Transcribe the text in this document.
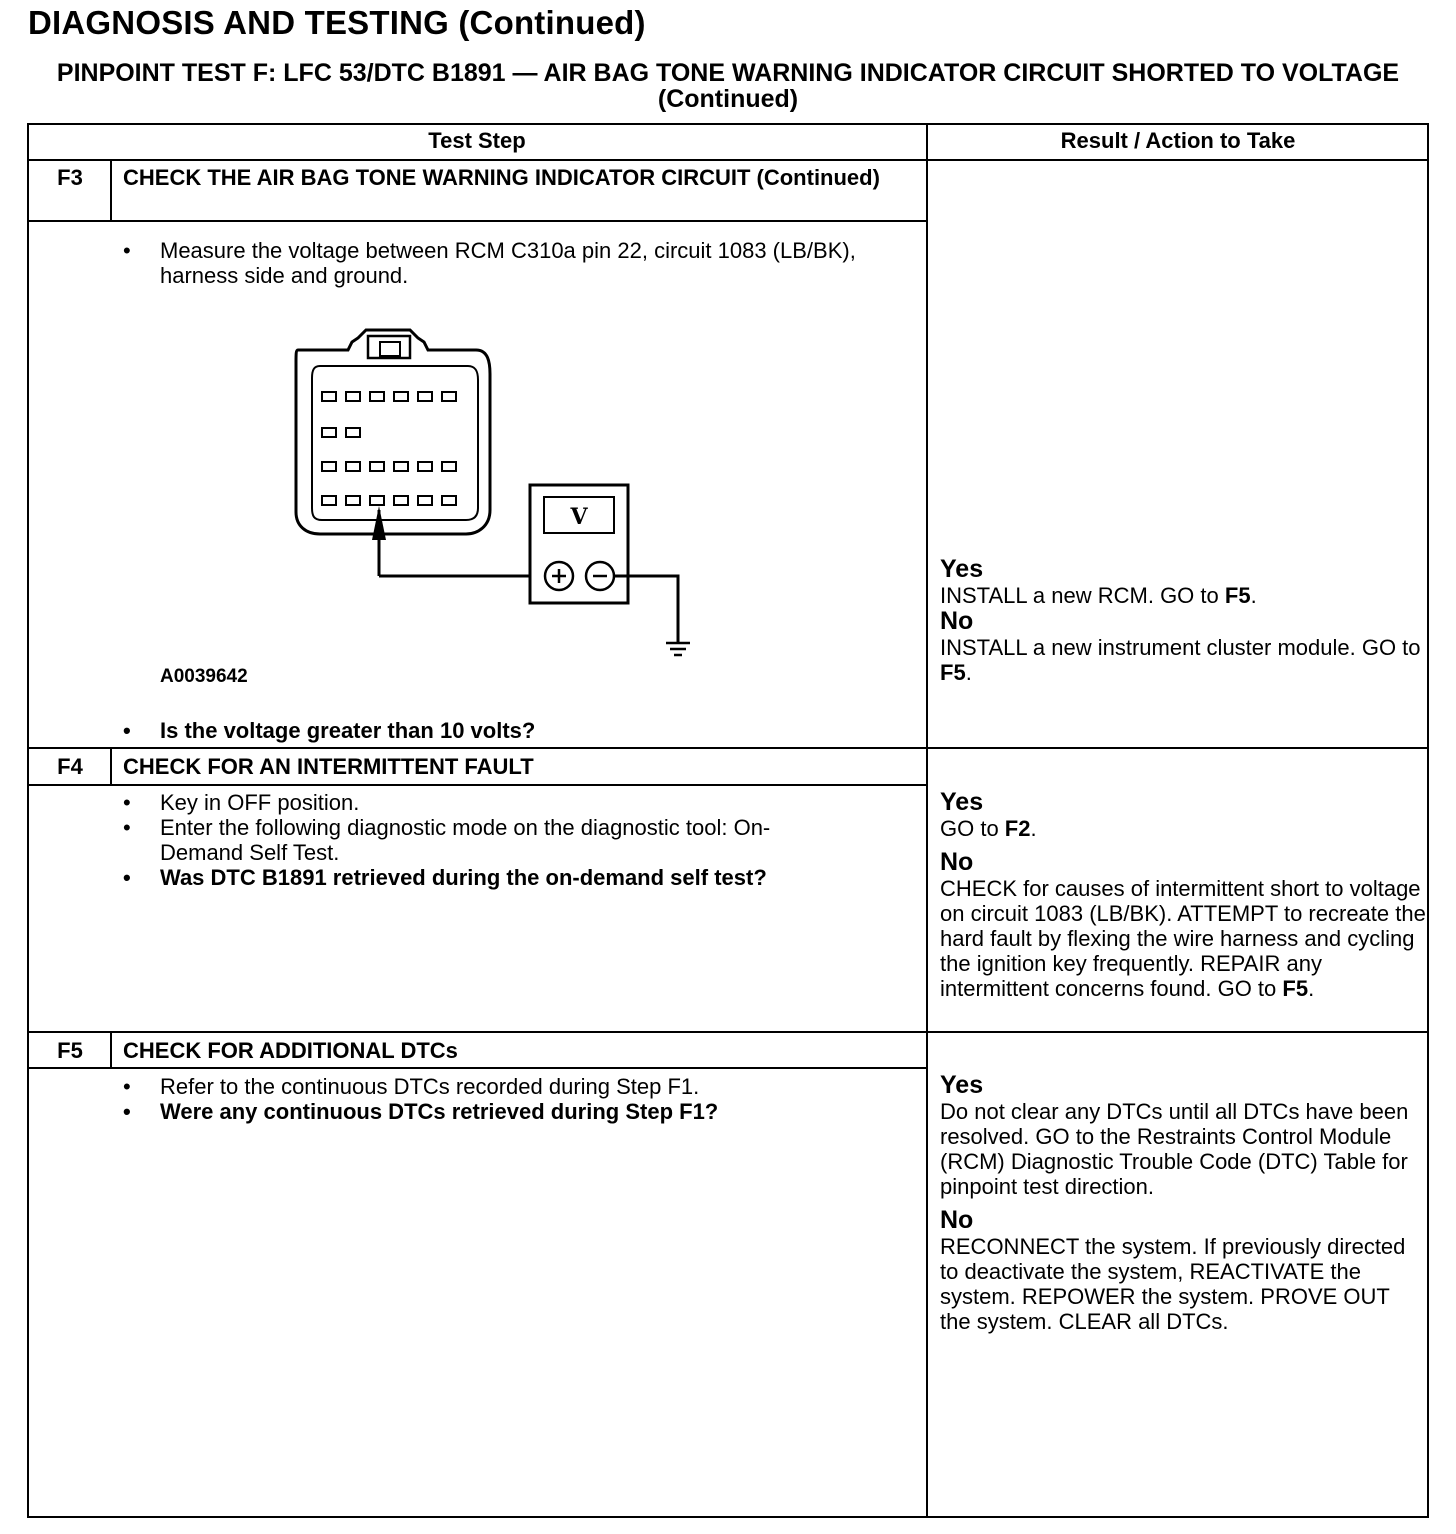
DIAGNOSIS AND TESTING (Continued)
PINPOINT TEST F: LFC 53/DTC B1891 — AIR BAG TONE WARNING INDICATOR CIRCUIT SHORTED TO VOLTAGE (Continued)
Test Step	Result / Action to Take
F3	CHECK THE AIR BAG TONE WARNING INDICATOR CIRCUIT (Continued)
• Measure the voltage between RCM C310a pin 22, circuit 1083 (LB/BK), harness side and ground.
V
A0039642
• Is the voltage greater than 10 volts?
Yes
INSTALL a new RCM. GO to F5.
No
INSTALL a new instrument cluster module. GO to F5.
F4	CHECK FOR AN INTERMITTENT FAULT
• Key in OFF position.
• Enter the following diagnostic mode on the diagnostic tool: On-Demand Self Test.
• Was DTC B1891 retrieved during the on-demand self test?
Yes
GO to F2.
No
CHECK for causes of intermittent short to voltage on circuit 1083 (LB/BK). ATTEMPT to recreate the hard fault by flexing the wire harness and cycling the ignition key frequently. REPAIR any intermittent concerns found. GO to F5.
F5	CHECK FOR ADDITIONAL DTCs
• Refer to the continuous DTCs recorded during Step F1.
• Were any continuous DTCs retrieved during Step F1?
Yes
Do not clear any DTCs until all DTCs have been resolved. GO to the Restraints Control Module (RCM) Diagnostic Trouble Code (DTC) Table for pinpoint test direction.
No
RECONNECT the system. If previously directed to deactivate the system, REACTIVATE the system. REPOWER the system. PROVE OUT the system. CLEAR all DTCs.
